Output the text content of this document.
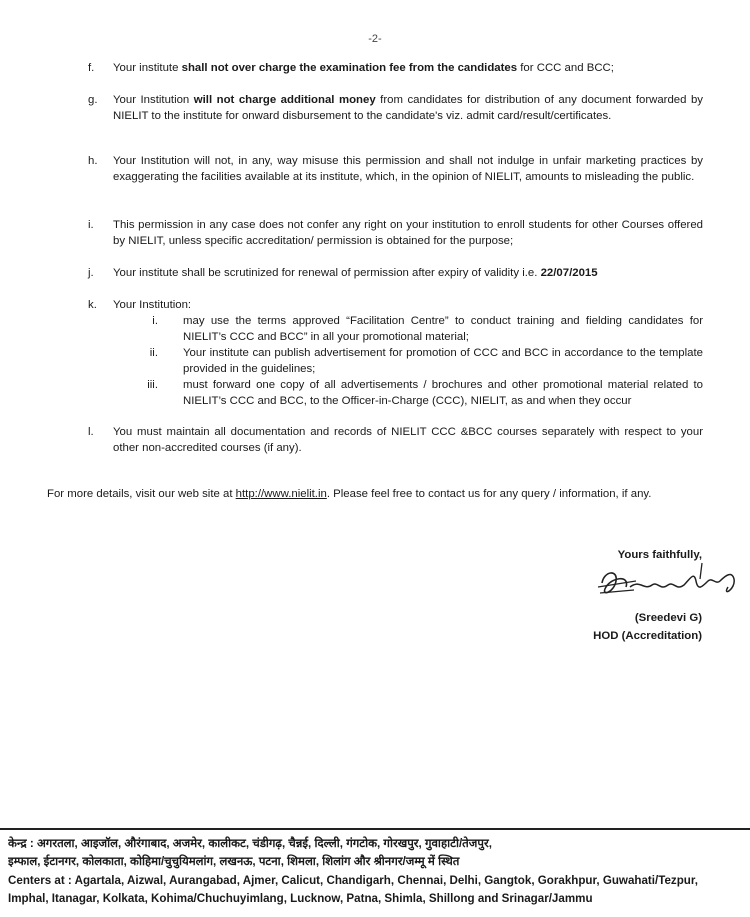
-2-
f. Your institute shall not over charge the examination fee from the candidates for CCC and BCC;
g. Your Institution will not charge additional money from candidates for distribution of any document forwarded by NIELIT to the institute for onward disbursement to the candidate's viz. admit card/result/certificates.
h. Your Institution will not, in any, way misuse this permission and shall not indulge in unfair marketing practices by exaggerating the facilities available at its institute, which, in the opinion of NIELIT, amounts to misleading the public.
i. This permission in any case does not confer any right on your institution to enroll students for other Courses offered by NIELIT, unless specific accreditation/ permission is obtained for the purpose;
j. Your institute shall be scrutinized for renewal of permission after expiry of validity i.e. 22/07/2015
k. Your Institution:
i.	may use the terms approved “Facilitation Centre” to conduct training and fielding candidates for NIELIT’s CCC and BCC” in all your promotional material;
ii.	Your institute can publish advertisement for promotion of CCC and BCC in accordance to the template provided in the guidelines;
iii.	must forward one copy of all advertisements / brochures and other promotional material related to NIELIT’s CCC and BCC, to the Officer-in-Charge (CCC), NIELIT, as and when they occur
l. You must maintain all documentation and records of NIELIT CCC &BCC courses separately with respect to your other non-accredited courses (if any).
For more details, visit our web site at http://www.nielit.in. Please feel free to contact us for any query / information, if any.
Yours faithfully,
(Sreedevi G)
HOD (Accreditation)
केन्द्र : अगरतला, आइजॉल, औरंगाबाद, अजमेर, कालीकट, चंडीगढ़, चैन्नई, दिल्ली, गंगटोक, गोरखपुर, गुवाहाटी/तेजपुर,
इम्फाल, ईटानगर, कोलकाता, कोहिमा/चुचुयिमलांग, लखनऊ, पटना, शिमला, शिलांग और श्रीनगर/जम्मू में स्थित
Centers at : Agartala, Aizwal, Aurangabad, Ajmer, Calicut, Chandigarh, Chennai, Delhi, Gangtok, Gorakhpur, Guwahati/Tezpur,
Imphal, Itanagar, Kolkata, Kohima/Chuchuyimlang, Lucknow, Patna, Shimla, Shillong and Srinagar/Jammu
